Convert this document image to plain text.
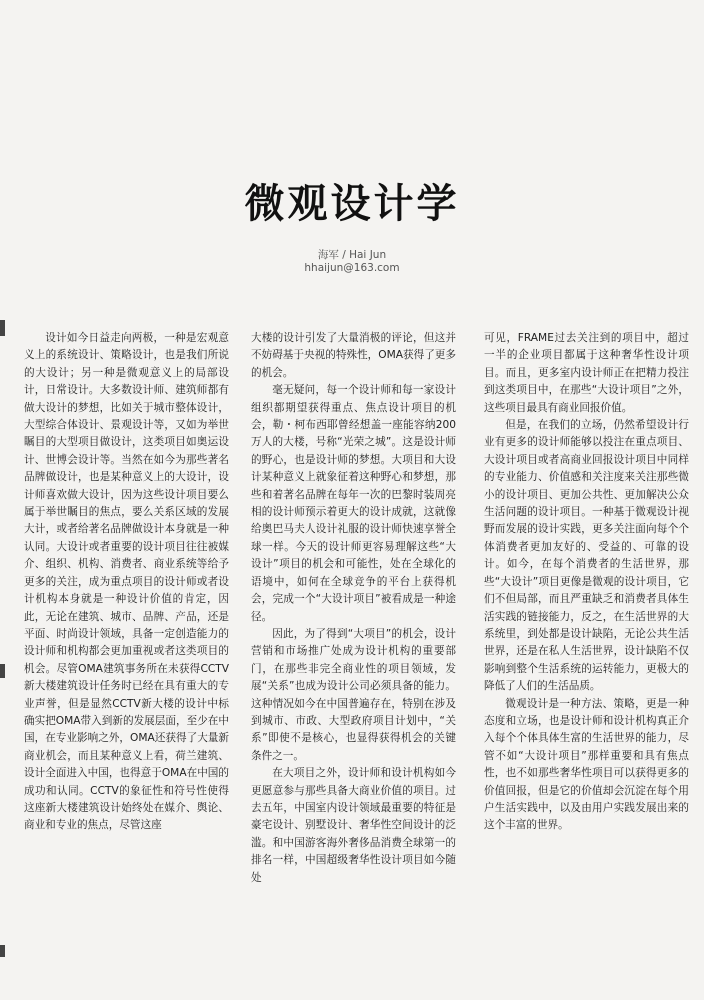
微观设计学
海军 / Hai Jun
hhaijun@163.com

设计如今日益走向两极，一种是宏观意义上的系统设计、策略设计，也是我们所说的大设计；另一种是微观意义上的局部设计，日常设计。大多数设计师、建筑师都有做大设计的梦想，比如关于城市整体设计，大型综合体设计、景观设计等，又如为举世瞩目的大型项目做设计，这类项目如奥运设计、世博会设计等。当然在如今为那些著名品牌做设计，也是某种意义上的大设计，设计师喜欢做大设计，因为这些设计项目要么属于举世瞩目的焦点，要么关系区域的发展大计，或者给著名品牌做设计本身就是一种认同。大设计或者重要的设计项目往往被媒介、组织、机构、消费者、商业系统等给予更多的关注，成为重点项目的设计师或者设计机构本身就是一种设计价值的肯定，因此，无论在建筑、城市、品牌、产品，还是平面、时尚设计领域，具备一定创造能力的设计师和机构都会更加重视或者这类项目的机会。尽管OMA建筑事务所在未获得CCTV新大楼建筑设计任务时已经在具有重大的专业声誉，但是显然CCTV新大楼的设计中标确实把OMA带入到新的发展层面，至少在中国，在专业影响之外，OMA还获得了大量新商业机会，而且某种意义上看，荷兰建筑、设计全面进入中国，也得意于OMA在中国的成功和认同。CCTV的象征性和符号性使得这座新大楼建筑设计始终处在媒介、舆论、商业和专业的焦点，尽管这座

大楼的设计引发了大量消极的评论，但这并不妨碍基于央视的特殊性，OMA获得了更多的机会。

毫无疑问，每一个设计师和每一家设计组织都期望获得重点、焦点设计项目的机会，勒・柯布西耶曾经想盖一座能容纳200万人的大楼，号称“光荣之城”。这是设计师的野心，也是设计师的梦想。大项目和大设计某种意义上就象征着这种野心和梦想，那些和着著名品牌在每年一次的巴黎时装周亮相的设计师预示着更大的设计成就，这就像给奥巴马夫人设计礼服的设计师快速享誉全球一样。今天的设计师更容易理解这些“大设计”项目的机会和可能性，处在全球化的语境中，如何在全球竞争的平台上获得机会，完成一个“大设计项目”被看成是一种途径。

因此，为了得到“大项目”的机会，设计营销和市场推广处成为设计机构的重要部门，在那些非完全商业性的项目领域，发展“关系”也成为设计公司必须具备的能力。这种情况如今在中国普遍存在，特别在涉及到城市、市政、大型政府项目计划中，“关系”即使不是核心，也显得获得机会的关键条件之一。

在大项目之外，设计师和设计机构如今更愿意参与那些具备大商业价值的项目。过去五年，中国室内设计领域最重要的特征是豪宅设计、别墅设计、奢华性空间设计的泛滥。和中国游客海外奢侈品消费全球第一的排名一样，中国超级奢华性设计项目如今随处

可见，FRAME过去关注到的项目中，超过一半的企业项目都属于这种奢华性设计项目。而且，更多室内设计师正在把精力投注到这类项目中，在那些“大设计项目”之外，这些项目最具有商业回报价值。

但是，在我们的立场，仍然希望设计行业有更多的设计师能够以投注在重点项目、大设计项目或者高商业回报设计项目中同样的专业能力、价值感和关注度来关注那些微小的设计项目、更加公共性、更加解决公众生活问题的设计项目。一种基于微观设计视野而发展的设计实践，更多关注面向每个个体消费者更加友好的、受益的、可靠的设计。如今，在每个消费者的生活世界，那些“大设计”项目更像是微观的设计项目，它们不但局部，而且严重缺乏和消费者具体生活实践的链接能力，反之，在生活世界的大系统里，到处都是设计缺陷，无论公共生活世界，还是在私人生活世界，设计缺陷不仅影响到整个生活系统的运转能力，更极大的降低了人们的生活品质。

微观设计是一种方法、策略，更是一种态度和立场，也是设计师和设计机构真正介入每个个体具体生富的生活世界的能力，尽管不如“大设计项目”那样重要和具有焦点性，也不如那些奢华性项目可以获得更多的价值回报，但是它的价值却会沉淀在每个用户生活实践中，以及由用户实践发展出来的这个丰富的世界。
